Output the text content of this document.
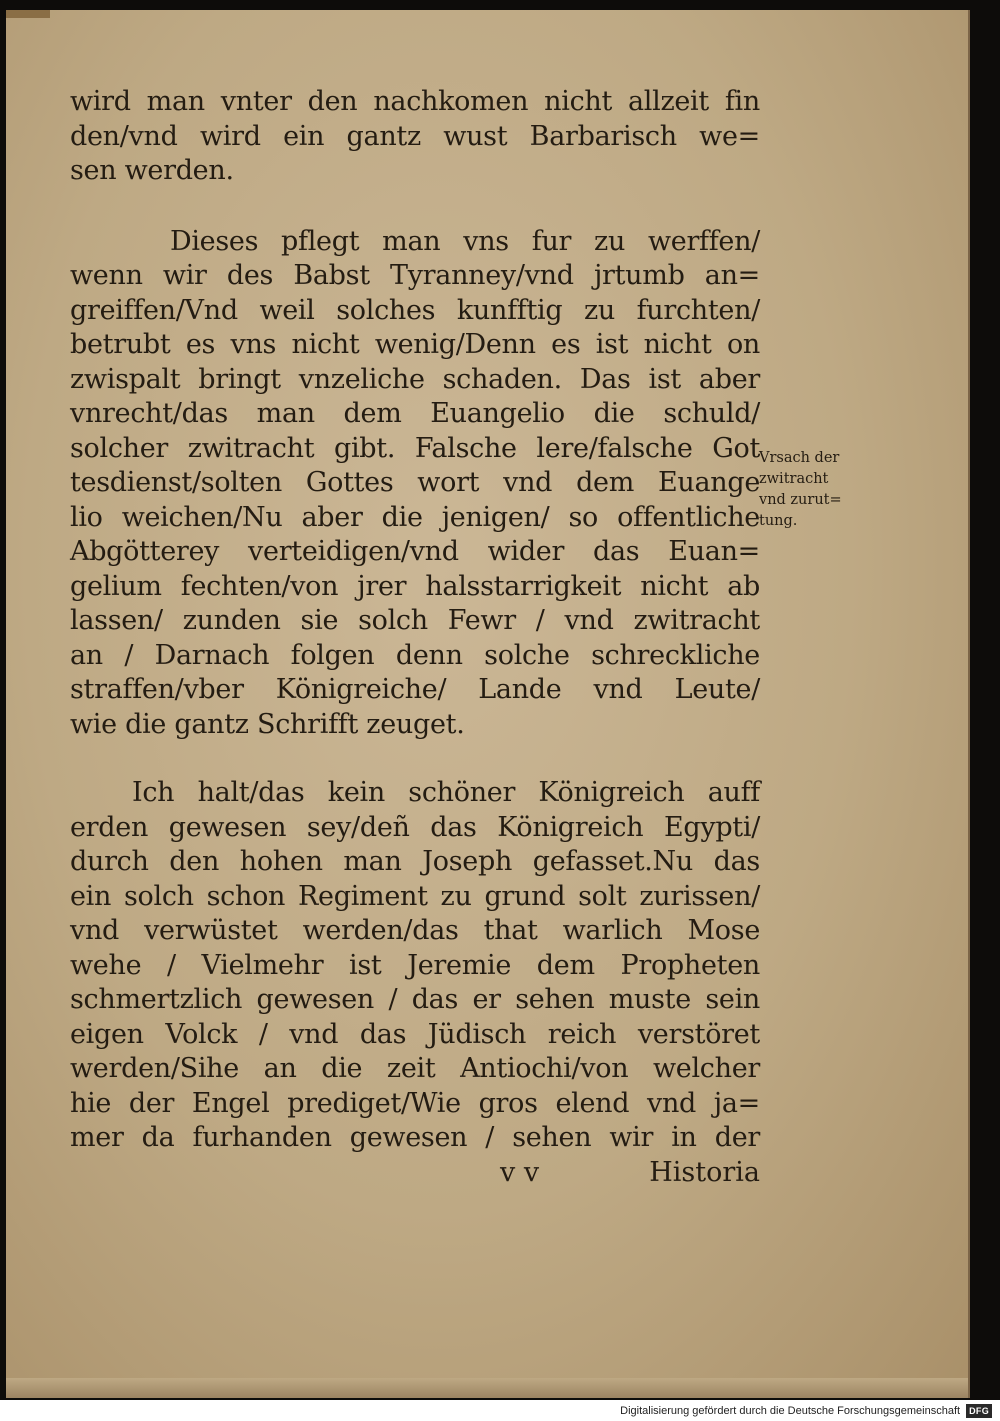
wird man vnter den nachkomen nicht allzeit fin
den/vnd wird ein gantz wust Barbarisch we=
sen werden.
Dieses pflegt man vns fur zu werffen/
wenn wir des Babst Tyranney/vnd jrtumb an=
greiffen/Vnd weil solches kunfftig zu furchten/
betrubt es vns nicht wenig/Denn es ist nicht on
zwispalt bringt vnzeliche schaden. Das ist aber
vnrecht/das man dem Euangelio die schuld/
solcher zwitracht gibt. Falsche lere/falsche Got
tesdienst/solten Gottes wort vnd dem Euange
lio weichen/Nu aber die jenigen/ so offentliche
Abgötterey verteidigen/vnd wider das Euan=
gelium fechten/von jrer halsstarrigkeit nicht ab
lassen/ zunden sie solch Fewr / vnd zwitracht
an / Darnach folgen denn solche schreckliche
straffen/vber Königreiche/ Lande vnd Leute/
wie die gantz Schrifft zeuget.
Ich halt/das kein schöner Königreich auff
erden gewesen sey/deñ das Königreich Egypti/
durch den hohen man Joseph gefasset.Nu das
ein solch schon Regiment zu grund solt zurissen/
vnd verwüstet werden/das that warlich Mose
wehe / Vielmehr ist Jeremie dem Propheten
schmertzlich gewesen / das er sehen muste sein
eigen Volck / vnd das Jüdisch reich verstöret
werden/Sihe an die zeit Antiochi/von welcher
hie der Engel prediget/Wie gros elend vnd ja=
mer da furhanden gewesen / sehen wir in der
v v	Historia
Vrsach der
zwitracht
vnd zurut=
tung.
Digitalisierung gefördert durch die Deutsche Forschungsgemeinschaft	DFG
